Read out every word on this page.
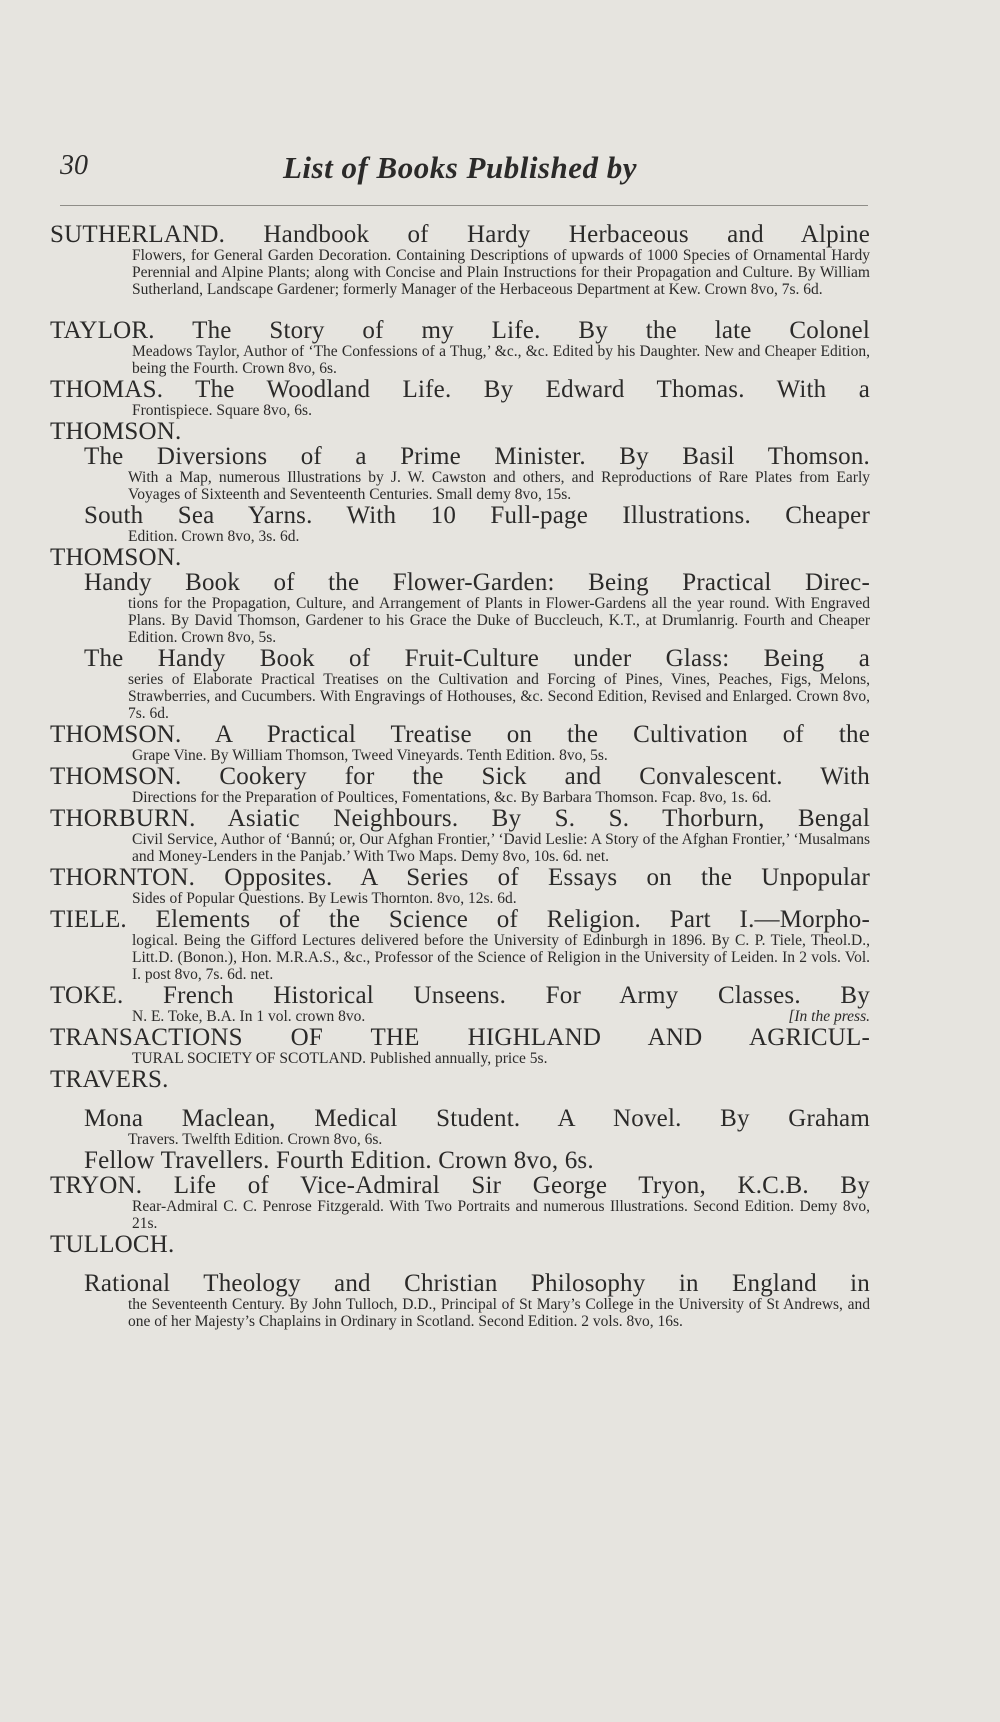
30	List of Books Published by
SUTHERLAND. Handbook of Hardy Herbaceous and Alpine
Flowers, for General Garden Decoration. Containing Descriptions of upwards of 1000 Species of Ornamental Hardy Perennial and Alpine Plants; along with Concise and Plain Instructions for their Propagation and Culture. By William Sutherland, Landscape Gardener; formerly Manager of the Herbaceous Department at Kew. Crown 8vo, 7s. 6d.
TAYLOR. The Story of my Life. By the late Colonel
Meadows Taylor, Author of ‘The Confessions of a Thug,’ &c., &c. Edited by his Daughter. New and Cheaper Edition, being the Fourth. Crown 8vo, 6s.
THOMAS. The Woodland Life. By Edward Thomas. With a
Frontispiece. Square 8vo, 6s.
THOMSON.
The Diversions of a Prime Minister. By Basil Thomson.
With a Map, numerous Illustrations by J. W. Cawston and others, and Reproductions of Rare Plates from Early Voyages of Sixteenth and Seventeenth Centuries. Small demy 8vo, 15s.
South Sea Yarns. With 10 Full-page Illustrations. Cheaper
Edition. Crown 8vo, 3s. 6d.
THOMSON.
Handy Book of the Flower-Garden: Being Practical Direc-
tions for the Propagation, Culture, and Arrangement of Plants in Flower-Gardens all the year round. With Engraved Plans. By David Thomson, Gardener to his Grace the Duke of Buccleuch, K.T., at Drumlanrig. Fourth and Cheaper Edition. Crown 8vo, 5s.
The Handy Book of Fruit-Culture under Glass: Being a
series of Elaborate Practical Treatises on the Cultivation and Forcing of Pines, Vines, Peaches, Figs, Melons, Strawberries, and Cucumbers. With Engravings of Hothouses, &c. Second Edition, Revised and Enlarged. Crown 8vo, 7s. 6d.
THOMSON. A Practical Treatise on the Cultivation of the
Grape Vine. By William Thomson, Tweed Vineyards. Tenth Edition. 8vo, 5s.
THOMSON. Cookery for the Sick and Convalescent. With
Directions for the Preparation of Poultices, Fomentations, &c. By Barbara Thomson. Fcap. 8vo, 1s. 6d.
THORBURN. Asiatic Neighbours. By S. S. Thorburn, Bengal
Civil Service, Author of ‘Bannú; or, Our Afghan Frontier,’ ‘David Leslie: A Story of the Afghan Frontier,’ ‘Musalmans and Money-Lenders in the Panjab.’ With Two Maps. Demy 8vo, 10s. 6d. net.
THORNTON. Opposites. A Series of Essays on the Unpopular
Sides of Popular Questions. By Lewis Thornton. 8vo, 12s. 6d.
TIELE. Elements of the Science of Religion. Part I.—Morpho-
logical. Being the Gifford Lectures delivered before the University of Edinburgh in 1896. By C. P. Tiele, Theol.D., Litt.D. (Bonon.), Hon. M.R.A.S., &c., Professor of the Science of Religion in the University of Leiden. In 2 vols. Vol. I. post 8vo, 7s. 6d. net.
TOKE. French Historical Unseens. For Army Classes. By
[In the press.
N. E. Toke, B.A. In 1 vol. crown 8vo.
TRANSACTIONS OF THE HIGHLAND AND AGRICUL-
TURAL SOCIETY OF SCOTLAND. Published annually, price 5s.
TRAVERS.
Mona Maclean, Medical Student. A Novel. By Graham
Travers. Twelfth Edition. Crown 8vo, 6s.
Fellow Travellers. Fourth Edition. Crown 8vo, 6s.
TRYON. Life of Vice-Admiral Sir George Tryon, K.C.B. By
Rear-Admiral C. C. Penrose Fitzgerald. With Two Portraits and numerous Illustrations. Second Edition. Demy 8vo, 21s.
TULLOCH.
Rational Theology and Christian Philosophy in England in
the Seventeenth Century. By John Tulloch, D.D., Principal of St Mary’s College in the University of St Andrews, and one of her Majesty’s Chaplains in Ordinary in Scotland. Second Edition. 2 vols. 8vo, 16s.
